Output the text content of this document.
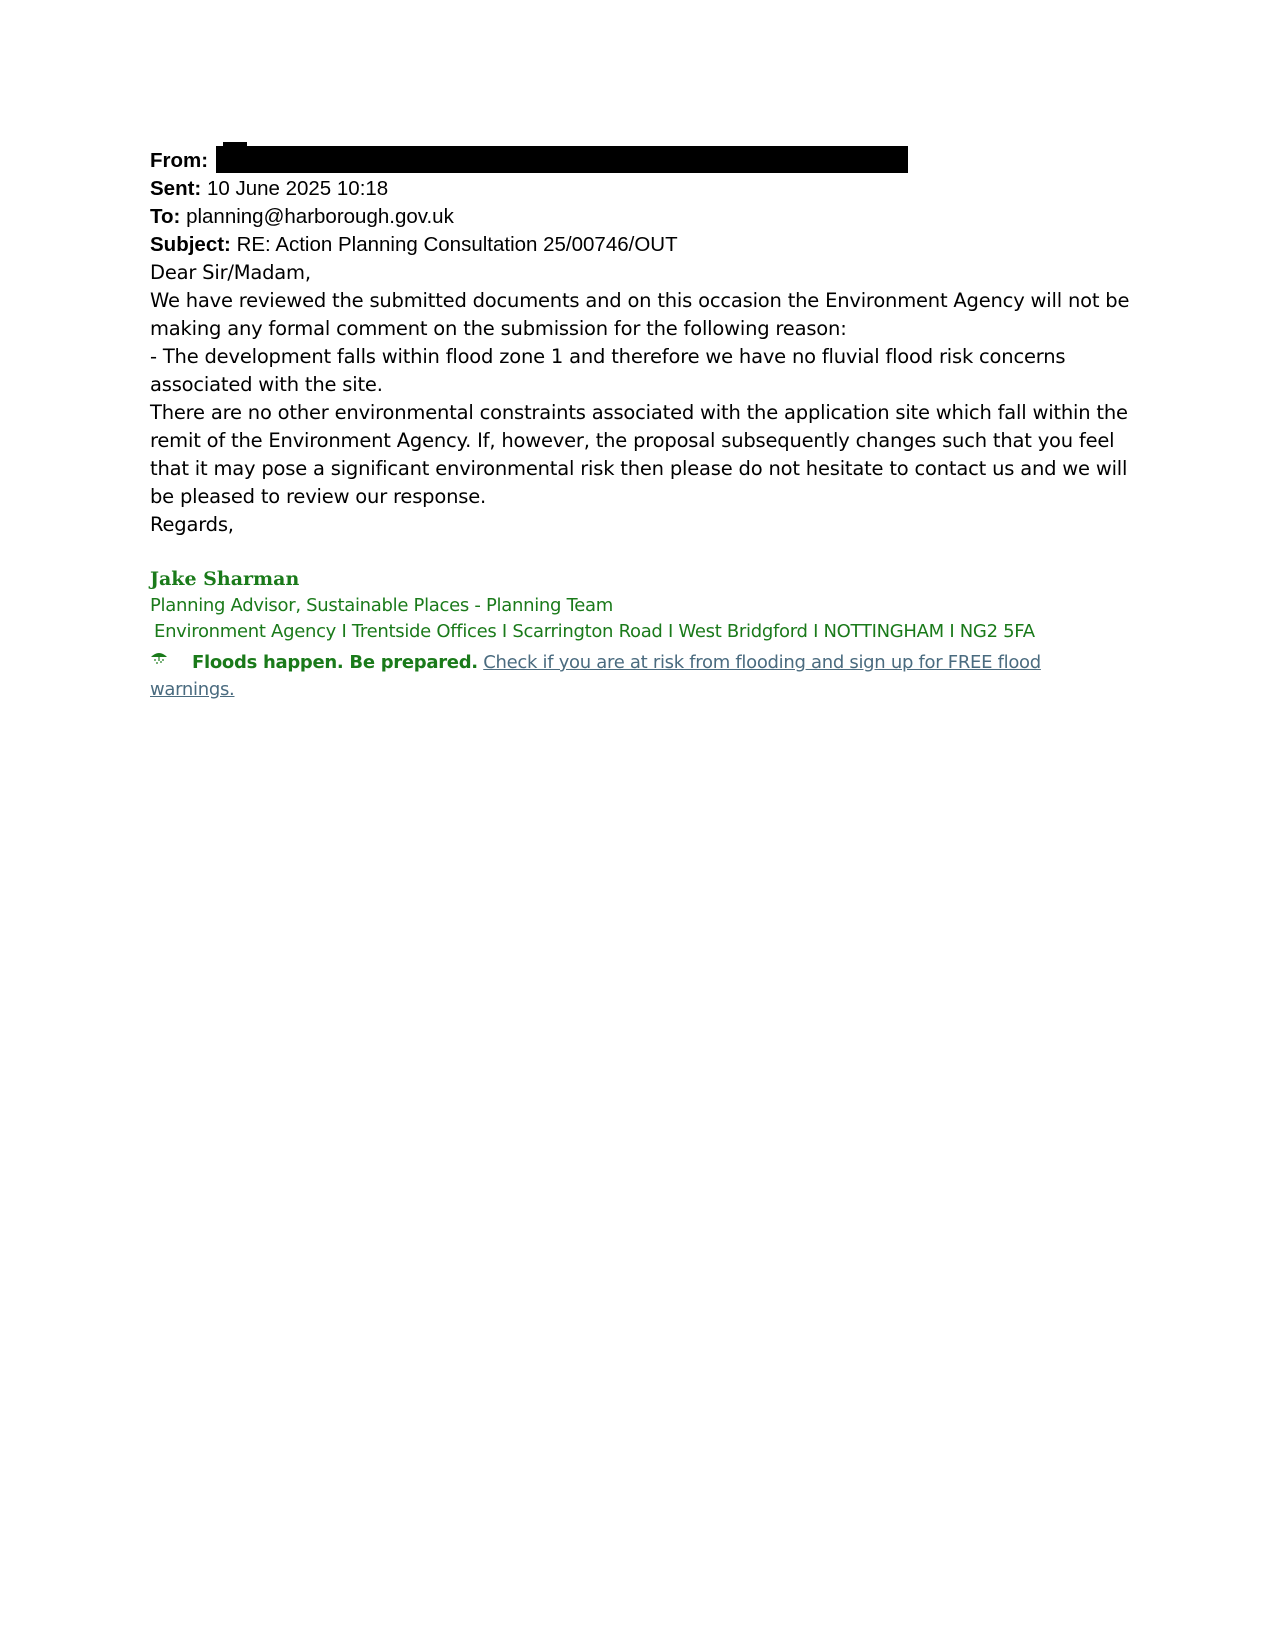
From:
Sent: 10 June 2025 10:18
To: planning@harborough.gov.uk
Subject: RE: Action Planning Consultation 25/00746/OUT

Dear Sir/Madam,

We have reviewed the submitted documents and on this occasion the Environment Agency will not be making any formal comment on the submission for the following reason:

- The development falls within flood zone 1 and therefore we have no fluvial flood risk concerns associated with the site.

There are no other environmental constraints associated with the application site which fall within the remit of the Environment Agency. If, however, the proposal subsequently changes such that you feel that it may pose a significant environmental risk then please do not hesitate to contact us and we will be pleased to review our response.

Regards,

Jake Sharman
Planning Advisor, Sustainable Places - Planning Team
Environment Agency I Trentside Offices I Scarrington Road I West Bridgford I NOTTINGHAM I NG2 5FA
Floods happen. Be prepared. Check if you are at risk from flooding and sign up for FREE flood warnings.
